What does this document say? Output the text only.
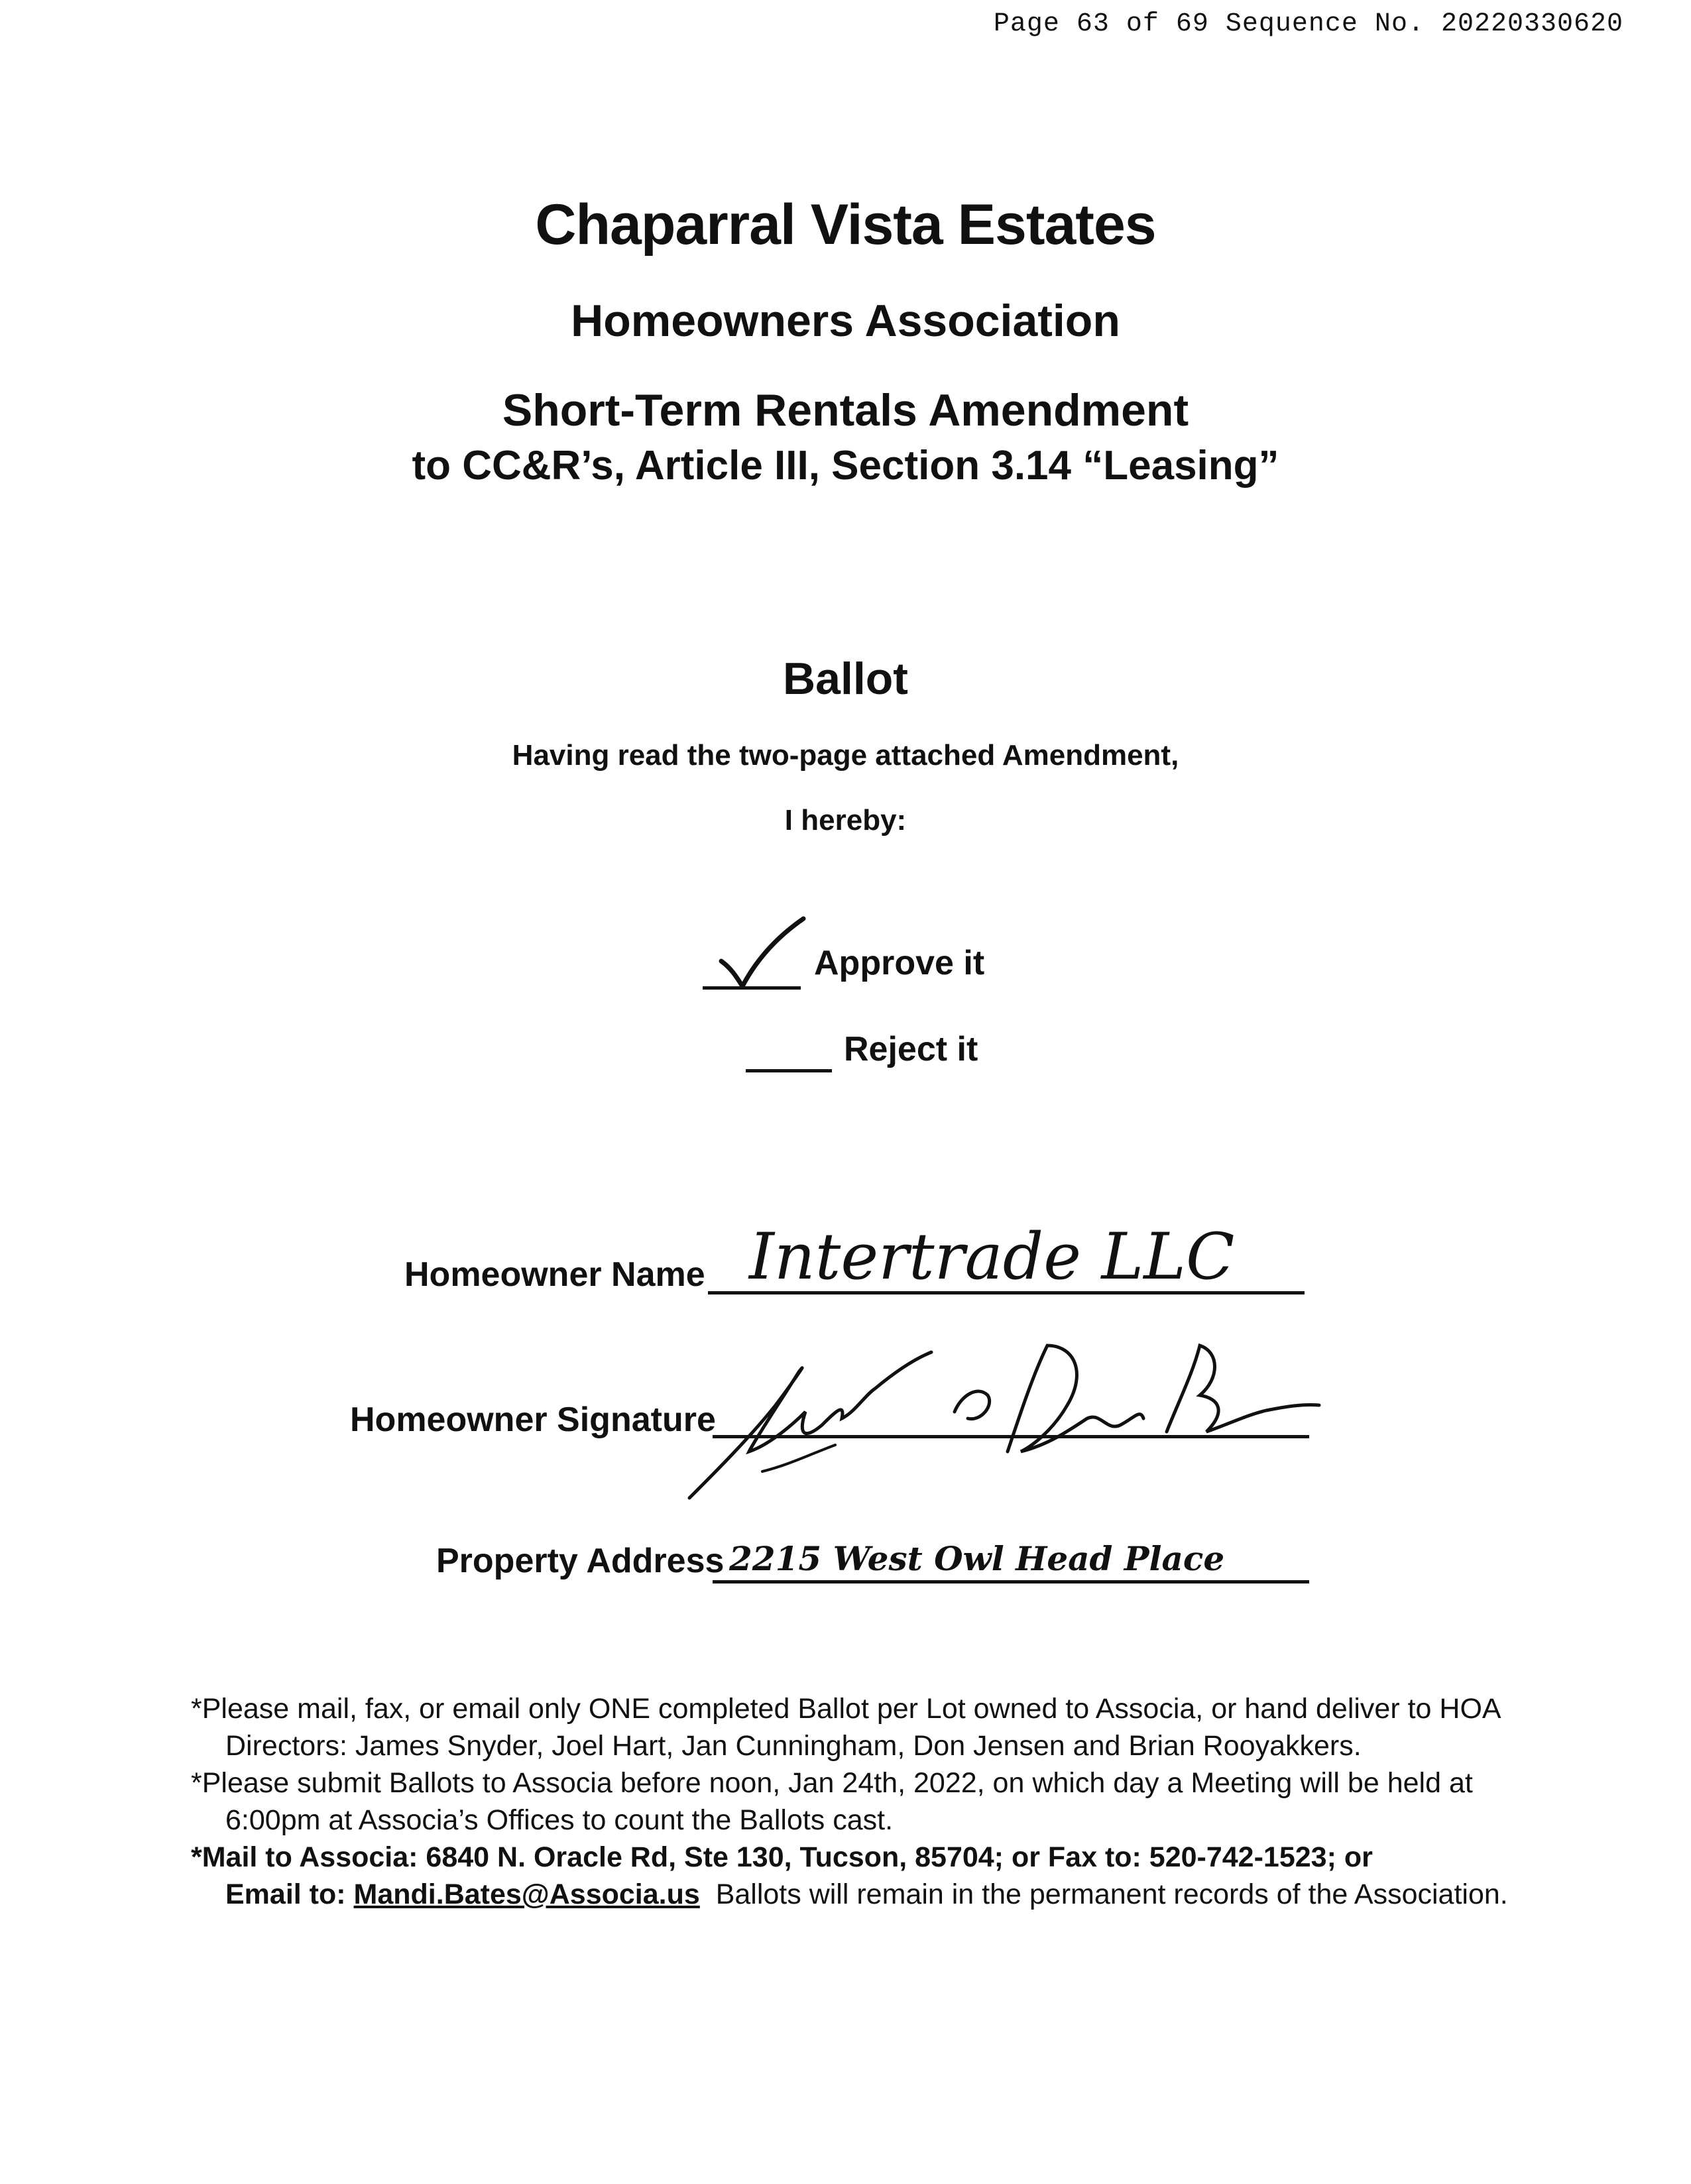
Page 63 of 69 Sequence No. 20220330620
Chaparral Vista Estates
Homeowners Association
Short-Term Rentals Amendment
to CC&R’s, Article III, Section 3.14 “Leasing”
Ballot
Having read the two-page attached Amendment,
I hereby:
Approve it
Reject it
Homeowner Name Intertrade LLC
Homeowner Signature
Property Address 2215 West Owl Head Place
*Please mail, fax, or email only ONE completed Ballot per Lot owned to Associa, or hand deliver to HOA
Directors: James Snyder, Joel Hart, Jan Cunningham, Don Jensen and Brian Rooyakkers.
*Please submit Ballots to Associa before noon, Jan 24th, 2022, on which day a Meeting will be held at
6:00pm at Associa’s Offices to count the Ballots cast.
*Mail to Associa: 6840 N. Oracle Rd, Ste 130, Tucson, 85704; or Fax to: 520-742-1523; or
Email to: Mandi.Bates@Associa.us  Ballots will remain in the permanent records of the Association.
